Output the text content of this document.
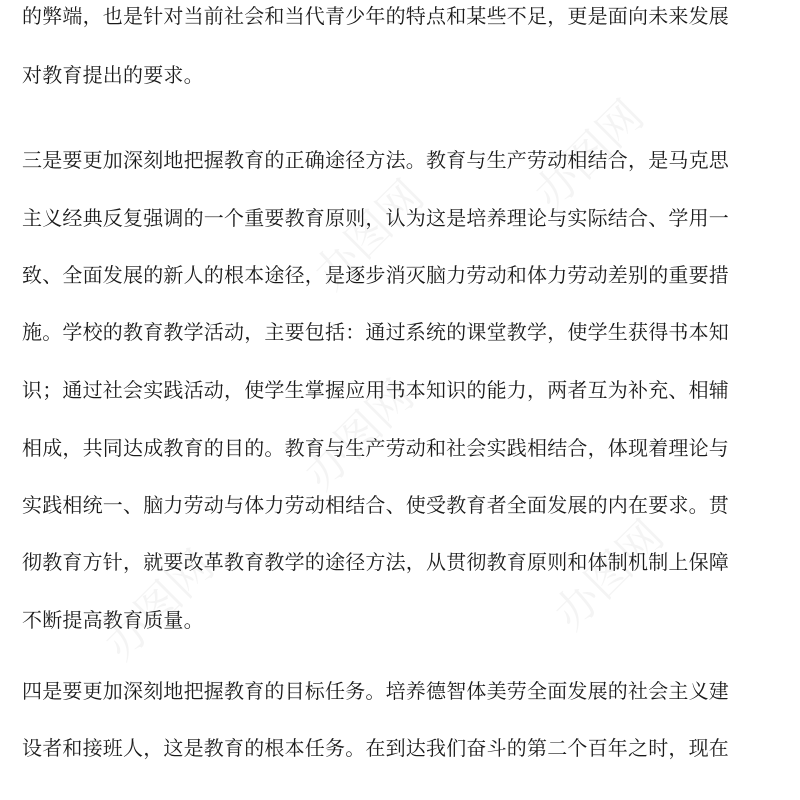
的弊端，也是针对当前社会和当代青少年的特点和某些不足，更是面向未来发展
对教育提出的要求。
三是要更加深刻地把握教育的正确途径方法。教育与生产劳动相结合，是马克思
主义经典反复强调的一个重要教育原则，认为这是培养理论与实际结合、学用一
致、全面发展的新人的根本途径，是逐步消灭脑力劳动和体力劳动差别的重要措
施。学校的教育教学活动，主要包括：通过系统的课堂教学，使学生获得书本知
识；通过社会实践活动，使学生掌握应用书本知识的能力，两者互为补充、相辅
相成，共同达成教育的目的。教育与生产劳动和社会实践相结合，体现着理论与
实践相统一、脑力劳动与体力劳动相结合、使受教育者全面发展的内在要求。贯
彻教育方针，就要改革教育教学的途径方法，从贯彻教育原则和体制机制上保障
不断提高教育质量。
四是要更加深刻地把握教育的目标任务。培养德智体美劳全面发展的社会主义建
设者和接班人，这是教育的根本任务。在到达我们奋斗的第二个百年之时，现在
